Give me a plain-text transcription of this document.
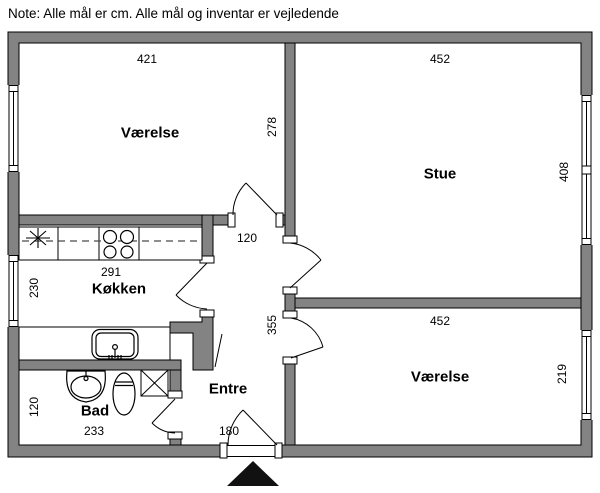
Note: Alle mål er cm. Alle mål og inventar er vejledende
421
Værelse	278
452
Stue	408
120
355
Entre
180
291
Køkken
230
Bad
233
120
452
Værelse	219
